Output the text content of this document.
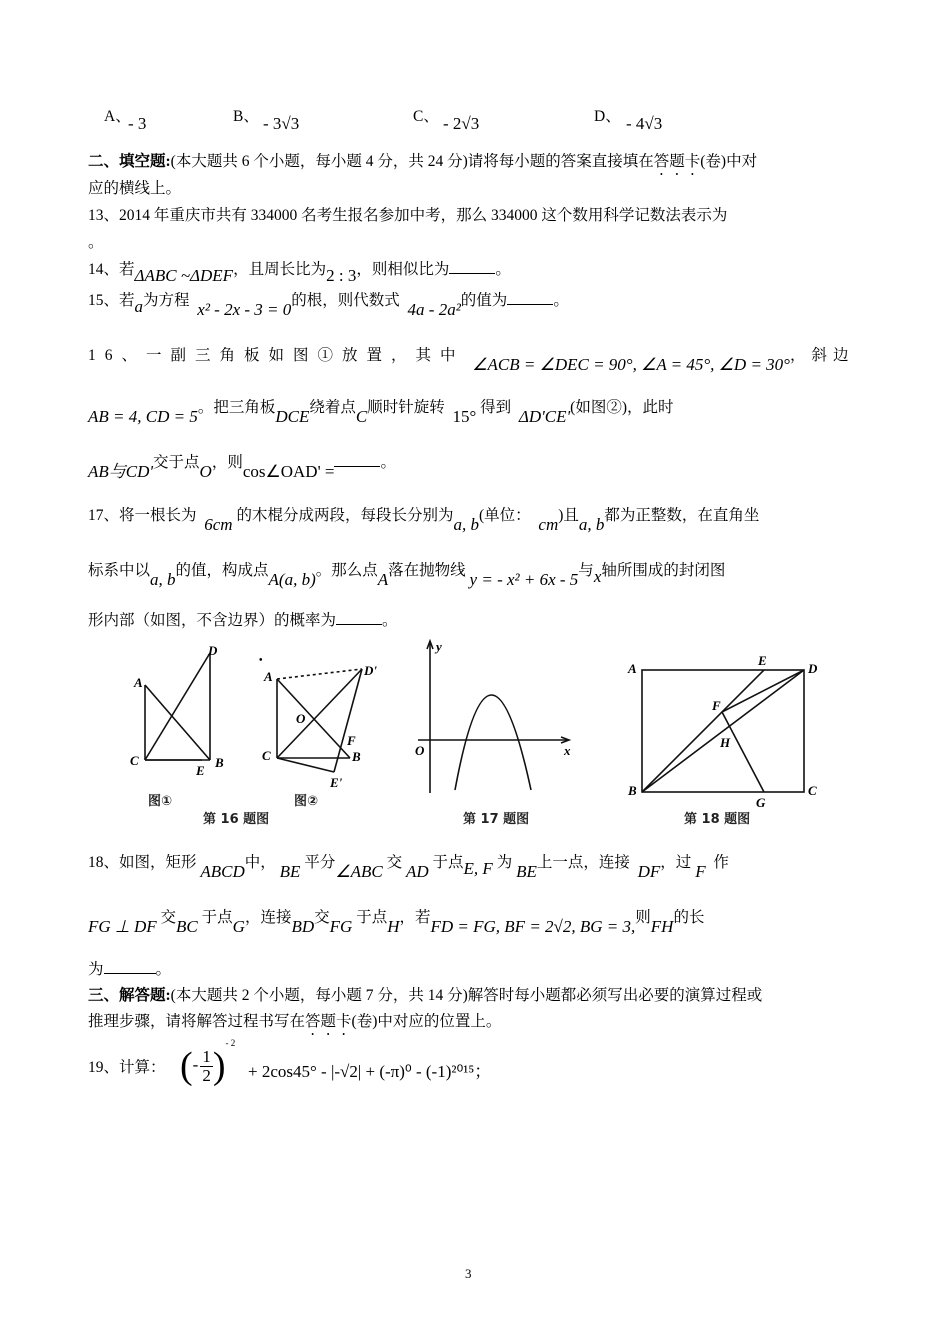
A、
- 3	B、 - 3√3	C、 - 2√3	D、 - 4√3
二、填空题:(本大题共 6 个小题，每小题 4 分，共 24 分)请将每小题的答案直接填在答题卡(卷)中对
应的横线上。
13、2014 年重庆市共有 334000 名考生报名参加中考，那么 334000 这个数用科学记数法表示为
。
14、若ΔABC ~ΔDEF，且周长比为2 : 3，则相似比为	。
15、若a为方程 x² - 2x - 3 = 0的根，则代数式 4a - 2a²的值为	。
16、一副三角板如图①放置，其中 ∠ACB = ∠DEC = 90°, ∠A = 45°, ∠D = 30°，斜边
AB = 4, CD = 5。把三角板DCE绕着点C顺时针旋转 15° 得到 ΔD'CE'(如图②)，此时
AB与CD'交于点O，则cos∠OAD' =	。
17、将一根长为 6cm 的木棍分成两段，每段长分别为a, b(单位： cm)且a, b都为正整数，在直角坐
标系中以a, b的值，构成点A(a, b)。那么点A落在抛物线 y = - x² + 6x - 5与x轴所围成的封闭图
形内部（如图，不含边界）的概率为	。
A
C
D
E
B
A
O
C
D'
F
B
E'
•
y
O	x
A
E
D
F
H
B
G
C
图①	图②
第 16 题图	第 17 题图	第 18 题图
18、如图，矩形 ABCD中， BE 平分∠ABC 交 AD 于点E, F 为 BE上一点，连接 DF，过 F 作
FG ⊥ DF 交BC 于点G，连接BD交FG 于点H，若FD = FG, BF = 2√2, BG = 3,则FH的长
为	。
三、解答题:(本大题共 2 个小题，每小题 7 分，共 14 分)解答时每小题都必须写出必要的演算过程或
推理步骤，请将解答过程书写在答题卡(卷)中对应的位置上。
19、计算： (- $\frac{1}{2} )^{- 2}$
+ 2cos45° - |-√2| + (-π)⁰ - (-1)²⁰¹⁵；
3
